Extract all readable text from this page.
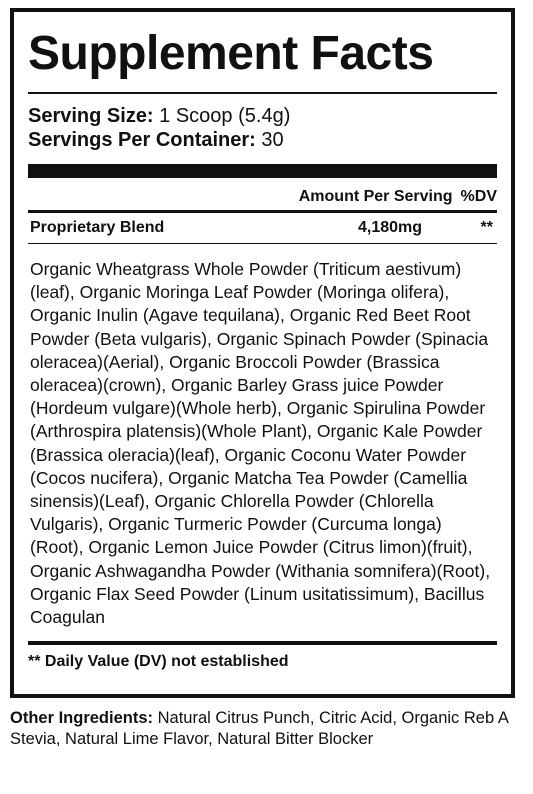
Supplement Facts
Serving Size: 1 Scoop (5.4g)
Servings Per Container: 30
Amount Per Serving %DV
Proprietary Blend	4,180mg	**
Organic Wheatgrass Whole Powder (Triticum aestivum)(leaf), Organic Moringa Leaf Powder (Moringa olifera), Organic Inulin (Agave tequilana), Organic Red Beet Root Powder (Beta vulgaris), Organic Spinach Powder (Spinacia oleracea)(Aerial), Organic Broccoli Powder (Brassica oleracea)(crown), Organic Barley Grass juice Powder (Hordeum vulgare)(Whole herb), Organic Spirulina Powder (Arthrospira platensis)(Whole Plant), Organic Kale Powder (Brassica oleracia)(leaf), Organic Coconu Water Powder (Cocos nucifera), Organic Matcha Tea Powder (Camellia sinensis)(Leaf), Organic Chlorella Powder (Chlorella Vulgaris), Organic Turmeric Powder (Curcuma longa)(Root), Organic Lemon Juice Powder (Citrus limon)(fruit), Organic Ashwagandha Powder (Withania somnifera)(Root), Organic Flax Seed Powder (Linum usitatissimum), Bacillus Coagulan
** Daily Value (DV) not established
Other Ingredients: Natural Citrus Punch, Citric Acid, Organic Reb A Stevia, Natural Lime Flavor, Natural Bitter Blocker
